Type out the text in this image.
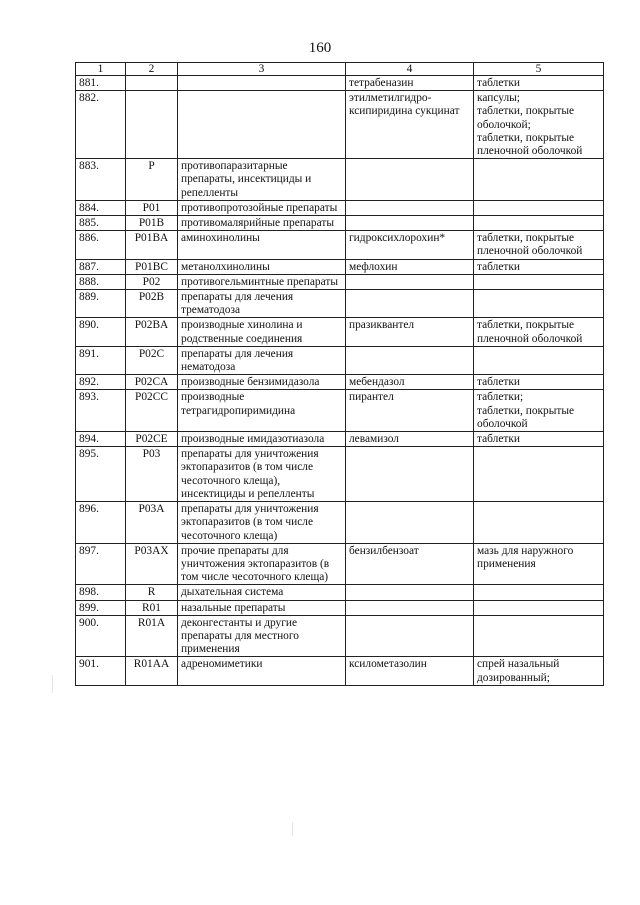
160
1	2	3	4	5
881.			тетрабеназин	таблетки

882.			этилметилгидро-ксипиридина сукцинат	капсулы;
таблетки, покрытые оболочкой;
таблетки, покрытые пленочной оболочкой

883.	P	противопаразитарные препараты, инсектициды и репелленты		
884.	P01	противопротозойные препараты		
885.	P01B	противомалярийные препараты		
886.	P01BA	аминохинолины	гидроксихлорохин*	таблетки, покрытые пленочной оболочкой

887.	P01BC	метанолхинолины	мефлохин	таблетки

888.	P02	противогельминтные препараты		
889.	P02B	препараты для лечения трематодоза		
890.	P02BA	производные хинолина и родственные соединения	празиквантел	таблетки, покрытые пленочной оболочкой

891.	P02C	препараты для лечения нематодоза		
892.	P02CA	производные бензимидазола	мебендазол	таблетки

893.	P02CC	производные тетрагидропиримидина	пирантел	таблетки;
таблетки, покрытые оболочкой

894.	P02CE	производные имидазотиазола	левамизол	таблетки

895.	P03	препараты для уничтожения эктопаразитов (в том числе чесоточного клеща), инсектициды и репелленты		
896.	P03A	препараты для уничтожения эктопаразитов (в том числе чесоточного клеща)		
897.	P03AX	прочие препараты для уничтожения эктопаразитов (в том числе чесоточного клеща)	бензилбензоат	мазь для наружного применения

898.	R	дыхательная система		
899.	R01	назальные препараты		
900.	R01A	деконгестанты и другие препараты для местного применения		
901.	R01AA	адреномиметики	ксилометазолин	спрей назальный дозированный;
